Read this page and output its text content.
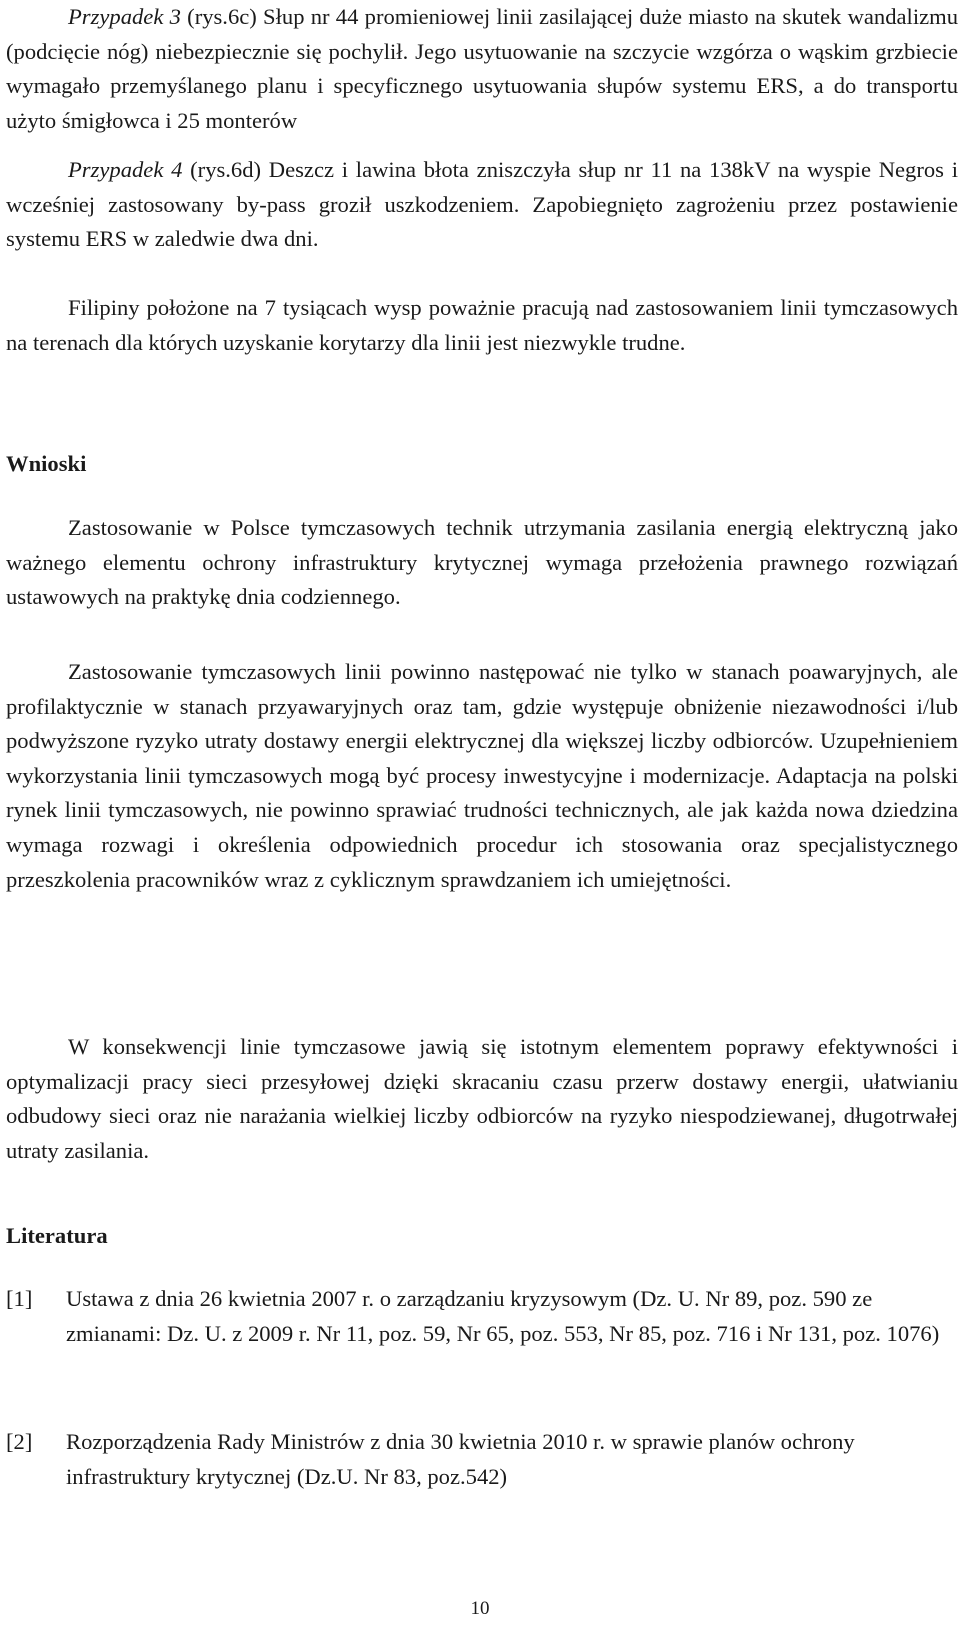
Przypadek 3 (rys.6c) Słup nr 44 promieniowej linii zasilającej duże miasto na skutek wandalizmu (podcięcie nóg) niebezpiecznie się pochylił. Jego usytuowanie na szczycie wzgórza o wąskim grzbiecie wymagało przemyślanego planu i specyficznego usytuowania słupów systemu ERS, a do transportu użyto śmigłowca i 25 monterów

Przypadek 4 (rys.6d) Deszcz i lawina błota zniszczyła słup nr 11 na 138kV na wyspie Negros i wcześniej zastosowany by-pass groził uszkodzeniem. Zapobiegnięto zagrożeniu przez postawienie systemu ERS w zaledwie dwa dni.

Filipiny położone na 7 tysiącach wysp poważnie pracują nad zastosowaniem linii tymczasowych na terenach dla których uzyskanie korytarzy dla linii jest niezwykle trudne.

Wnioski

Zastosowanie w Polsce tymczasowych technik utrzymania zasilania energią elektryczną jako ważnego elementu ochrony infrastruktury krytycznej wymaga przełożenia prawnego rozwiązań ustawowych na praktykę dnia codziennego.

Zastosowanie tymczasowych linii powinno następować nie tylko w stanach poawaryjnych, ale profilaktycznie w stanach przyawaryjnych oraz tam, gdzie występuje obniżenie niezawodności i/lub podwyższone ryzyko utraty dostawy energii elektrycznej dla większej liczby odbiorców. Uzupełnieniem wykorzystania linii tymczasowych mogą być procesy inwestycyjne i modernizacje. Adaptacja na polski rynek linii tymczasowych, nie powinno sprawiać trudności technicznych, ale jak każda nowa dziedzina wymaga rozwagi i określenia odpowiednich procedur ich stosowania oraz specjalistycznego przeszkolenia pracowników wraz z cyklicznym sprawdzaniem ich umiejętności.

W konsekwencji linie tymczasowe jawią się istotnym elementem poprawy efektywności i optymalizacji pracy sieci przesyłowej dzięki skracaniu czasu przerw dostawy energii, ułatwianiu odbudowy sieci oraz nie narażania wielkiej liczby odbiorców na ryzyko niespodziewanej, długotrwałej utraty zasilania.

Literatura
[1]	Ustawa z dnia 26 kwietnia 2007 r. o zarządzaniu kryzysowym (Dz. U. Nr 89, poz. 590 ze zmianami: Dz. U. z 2009 r. Nr 11, poz. 59, Nr 65, poz. 553, Nr 85, poz. 716 i Nr 131, poz. 1076)
[2]	Rozporządzenia Rady Ministrów z dnia 30 kwietnia 2010 r. w sprawie planów ochrony infrastruktury krytycznej (Dz.U. Nr 83, poz.542)
10
